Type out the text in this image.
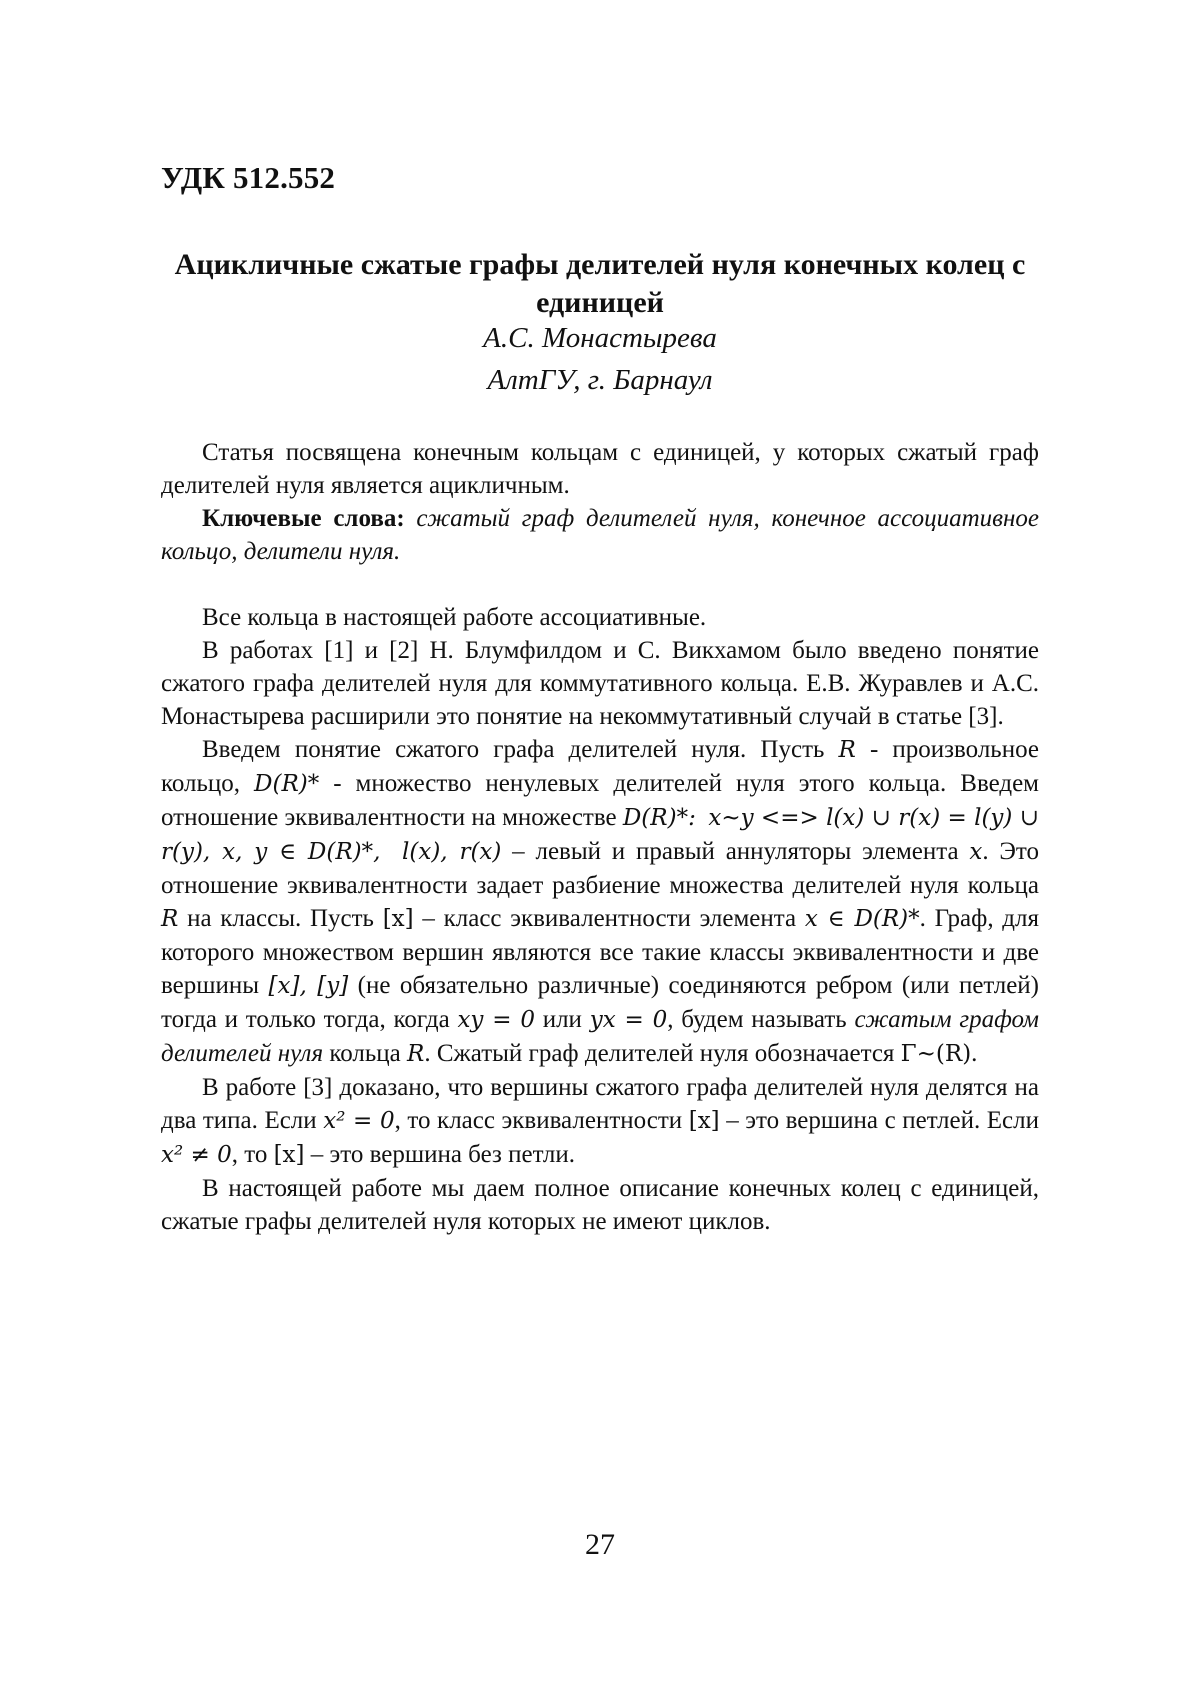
УДК 512.552
Ацикличные сжатые графы делителей нуля конечных колец с единицей
А.С. Монастырева
АлтГУ, г. Барнаул

Статья посвящена конечным кольцам с единицей, у которых сжатый граф делителей нуля является ацикличным.

Ключевые слова: сжатый граф делителей нуля, конечное ассоциативное кольцо, делители нуля.

Все кольца в настоящей работе ассоциативные.

В работах [1] и [2] Н. Блумфилдом и С. Викхамом было введено понятие сжатого графа делителей нуля для коммутативного кольца. Е.В. Журавлев и А.С. Монастырева расширили это понятие на некоммутативный случай в статье [3].

Введем понятие сжатого графа делителей нуля. Пусть R - произвольное кольцо, D(R)* - множество ненулевых делителей нуля этого кольца. Введем отношение эквивалентности на множестве D(R)*: x~y <=> l(x) ∪ r(x) = l(y) ∪ r(y), x, y ∈ D(R)*, l(x), r(x) – левый и правый аннуляторы элемента x. Это отношение эквивалентности задает разбиение множества делителей нуля кольца R на классы. Пусть [x] – класс эквивалентности элемента x ∈ D(R)*. Граф, для которого множеством вершин являются все такие классы эквивалентности и две вершины [x], [y] (не обязательно различные) соединяются ребром (или петлей) тогда и только тогда, когда xy = 0 или yx = 0, будем называть сжатым графом делителей нуля кольца R. Сжатый граф делителей нуля обозначается Γ~(R).

В работе [3] доказано, что вершины сжатого графа делителей нуля делятся на два типа. Если x² = 0, то класс эквивалентности [x] – это вершина с петлей. Если x² ≠ 0, то [x] – это вершина без петли.

В настоящей работе мы даем полное описание конечных колец с единицей, сжатые графы делителей нуля которых не имеют циклов.

27
